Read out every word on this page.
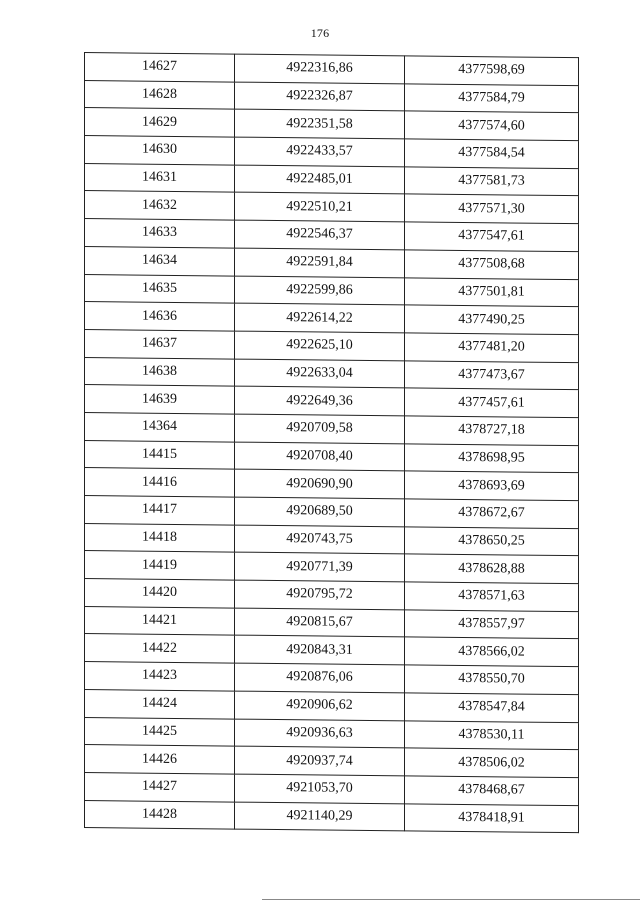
176
14627	4922316,86	4377598,69
14628	4922326,87	4377584,79
14629	4922351,58	4377574,60
14630	4922433,57	4377584,54
14631	4922485,01	4377581,73
14632	4922510,21	4377571,30
14633	4922546,37	4377547,61
14634	4922591,84	4377508,68
14635	4922599,86	4377501,81
14636	4922614,22	4377490,25
14637	4922625,10	4377481,20
14638	4922633,04	4377473,67
14639	4922649,36	4377457,61
14364	4920709,58	4378727,18
14415	4920708,40	4378698,95
14416	4920690,90	4378693,69
14417	4920689,50	4378672,67
14418	4920743,75	4378650,25
14419	4920771,39	4378628,88
14420	4920795,72	4378571,63
14421	4920815,67	4378557,97
14422	4920843,31	4378566,02
14423	4920876,06	4378550,70
14424	4920906,62	4378547,84
14425	4920936,63	4378530,11
14426	4920937,74	4378506,02
14427	4921053,70	4378468,67
14428	4921140,29	4378418,91
